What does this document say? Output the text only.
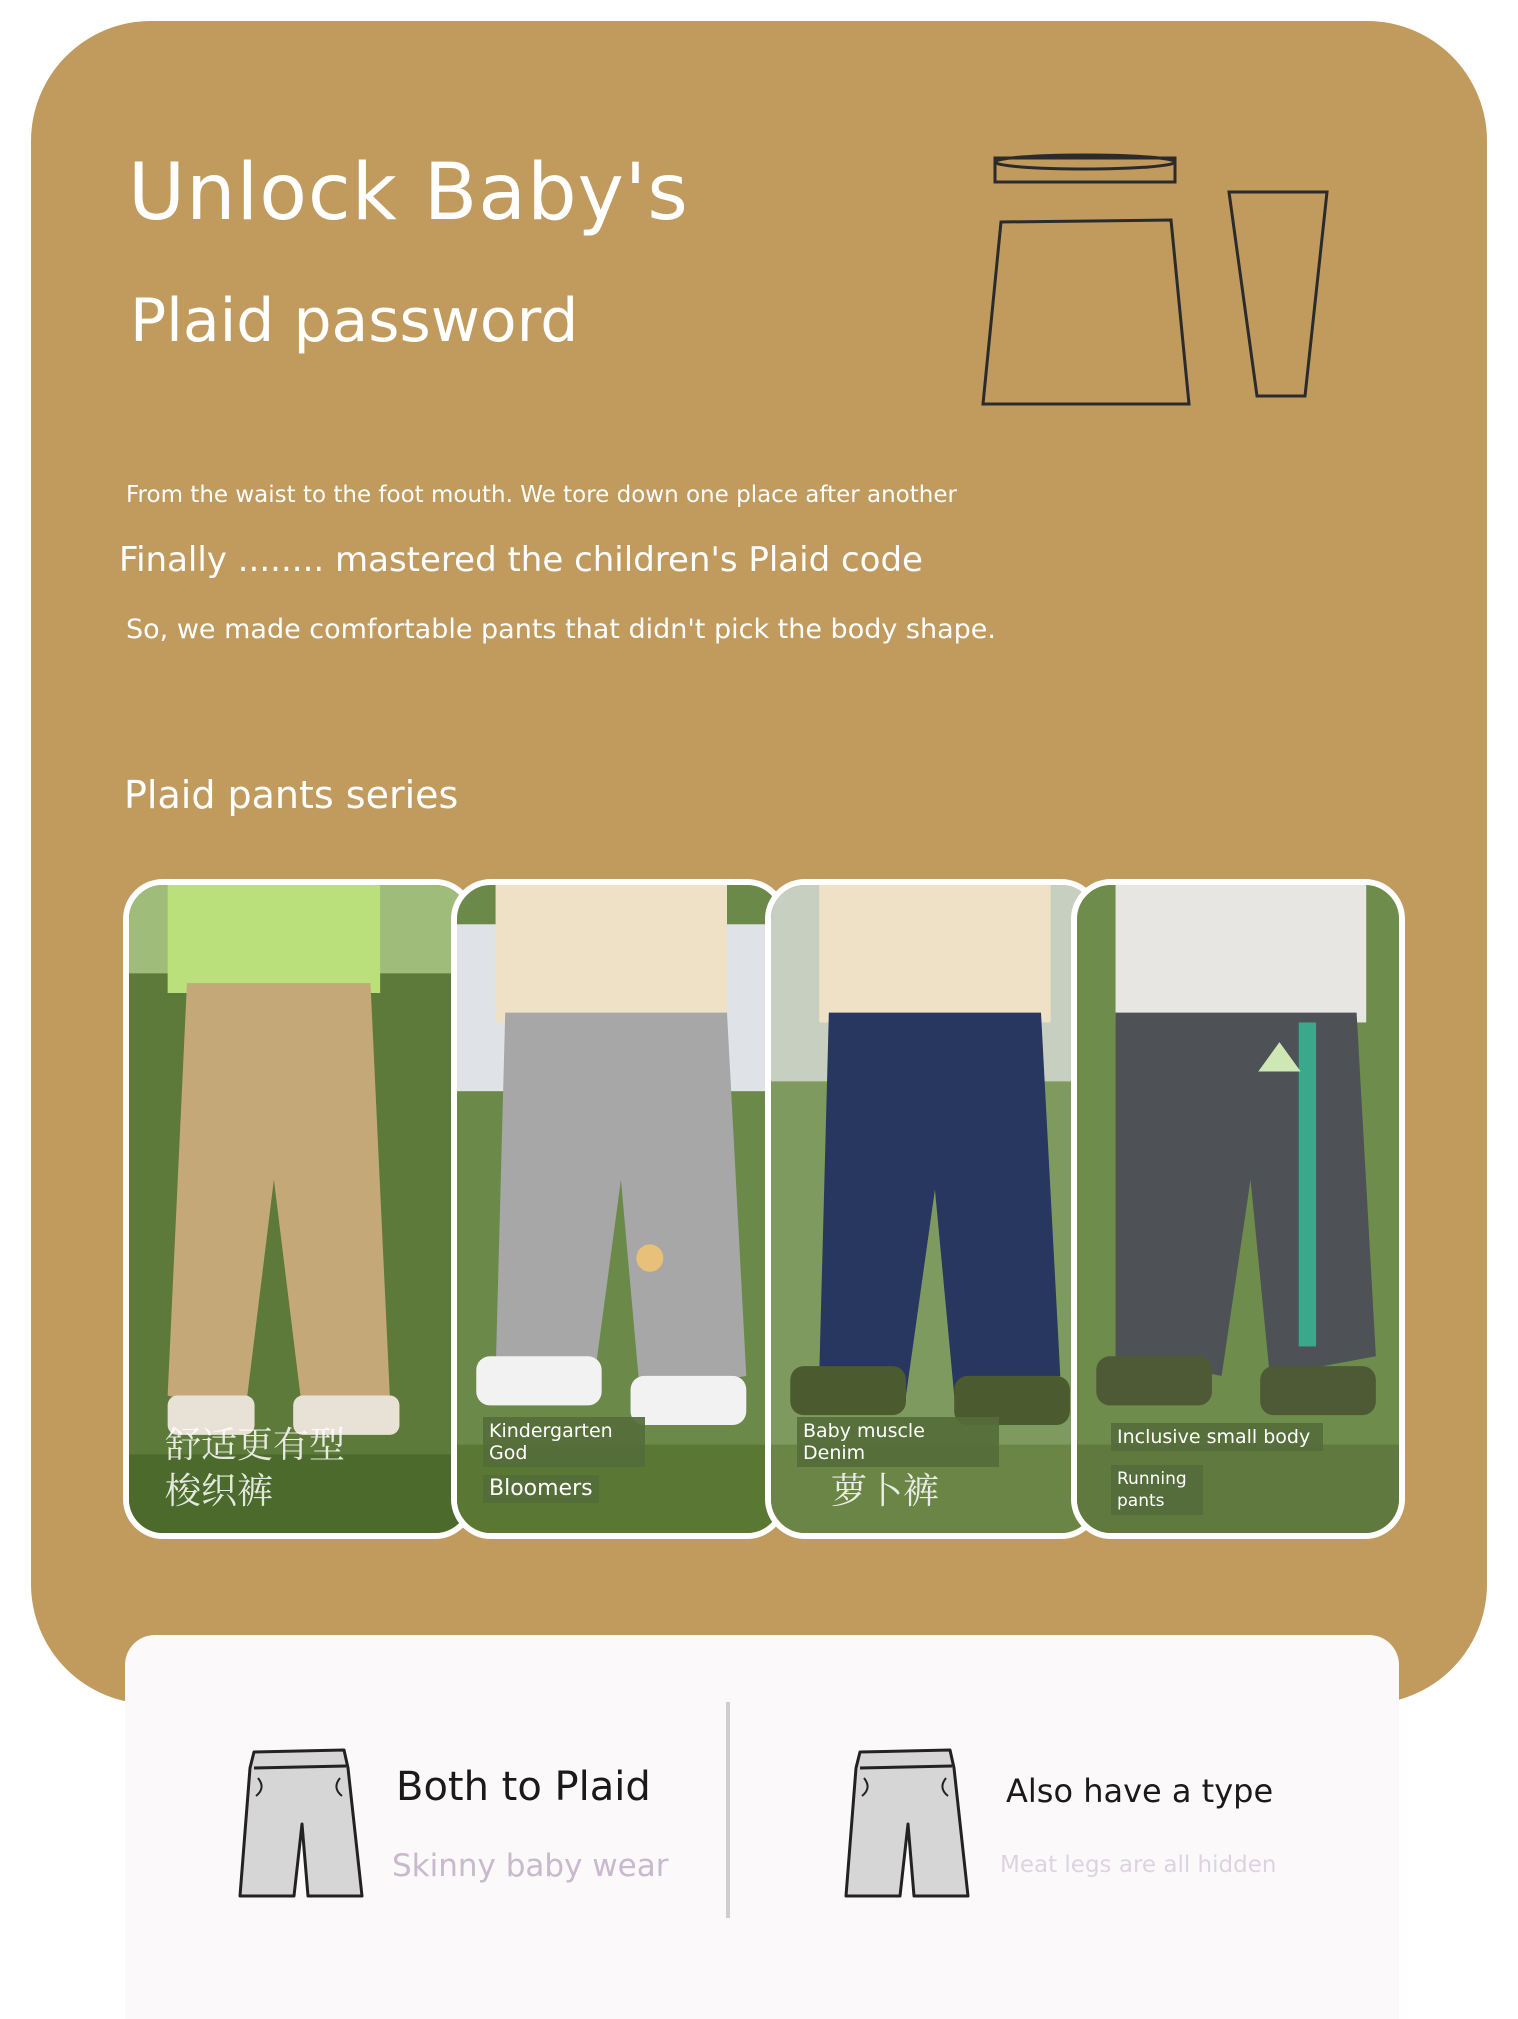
Unlock Baby's
Plaid password
From the waist to the foot mouth. We tore down one place after another
Finally ........ mastered the children's Plaid code
So, we made comfortable pants that didn't pick the body shape.
Plaid pants series
舒适更有型
梭织裤
Kindergarten God
Bloomers
Baby muscle Denim
萝卜裤
Inclusive small body
Running pants
Both to Plaid
Skinny baby wear
Also have a type
Meat legs are all hidden
